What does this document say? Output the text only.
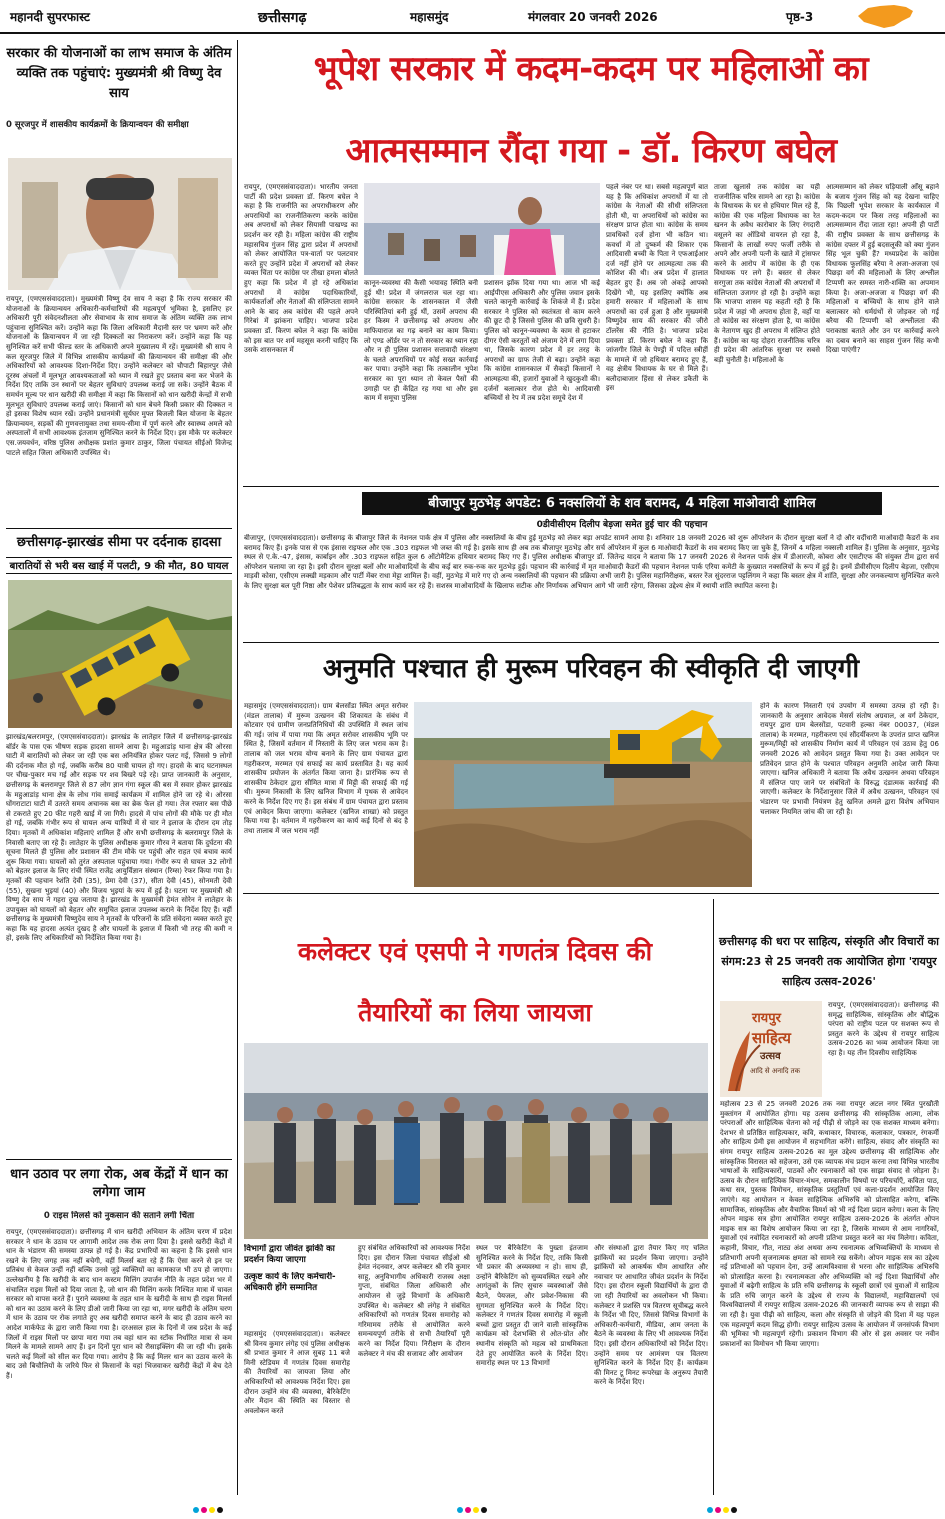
महानदी सुपरफास्ट	छत्तीसगढ़	महासमुंद	मंगलवार 20 जनवरी 2026	पृष्ठ-3
सरकार की योजनाओं का लाभ समाज के अंतिम व्यक्ति तक पहुंचाएं: मुख्यमंत्री श्री विष्णु देव साय
0 सूरजपुर में शासकीय कार्यक्रमों के क्रियान्वयन की समीक्षा
रायपुर, (एमएससंवाददाता)। मुख्यमंत्री विष्णु देव साय ने कहा है कि राज्य सरकार की योजनाओं के क्रियान्वयन अधिकारी-कर्मचारियों की महत्वपूर्ण भूमिका है, इसलिए हर अधिकारी पूरी संवेदनशीलता और सेवाभाव के साथ समाज के अंतिम व्यक्ति तक लाभ पहुंचाना सुनिश्चित करें। उन्होंने कहा कि जिला अधिकारी मैदानी स्तर पर भ्रमण करें और योजनाओं के क्रियान्वयन में जा रही दिक्कतों का निराकरण करें। उन्होंने कहा कि यह सुनिश्चित करें सभी फील्ड स्तर के अधिकारी अपने मुख्यालय में रहें। मुख्यमंत्री श्री साय ने कल सूरजपुर जिले में विभिन्न शासकीय कार्यक्रमों की क्रियान्वयन की समीक्षा की और अधिकारियों को आवश्यक दिशा-निर्देश दिए। उन्होंने कलेक्टर को चौपाटी बिहारपुर जैसे दूरस्थ अंचलों में मूलभूत आवश्यकताओं को ध्यान में रखते हुए प्रस्ताव बना कर भेजने के निर्देश दिए ताकि उन स्थानों पर बेहतर सुविधाएं उपलब्ध कराई जा सकें। उन्होंने बैठक में समर्थन मूल्य पर धान खरीदी की समीक्षा में कहा कि किसानों को धान खरीदी केन्द्रों में सभी मूलभूत सुविधाएं उपलब्ध कराई जाएं। किसानों को धान बेचने किसी प्रकार की दिक्कत न हो इसका विशेष ध्यान रखें। उन्होंने प्रधानमंत्री सूर्यघर मुफ्त बिजली बिल योजना के बेहतर क्रियान्वयन, सड़कों की गुणवत्तायुक्त तथा समय-सीमा में पूर्ण करने और स्वास्थ्य अमले को अस्पतालों में सभी आवश्यक इंतजाम सुनिश्चित करने के निर्देश दिए। इस मौके पर कलेक्टर एस.जयवर्धन, वरिष्ठ पुलिस अधीक्षक प्रशांत कुमार ठाकुर, जिला पंचायत सीईओ विजेन्द्र पाटले सहित जिला अधिकारी उपस्थित थे।
छत्तीसगढ़-झारखंड सीमा पर दर्दनाक हादसा
बारातियों से भरी बस खाई में पलटी, 9 की मौत, 80 घायल
झारखंड/बलरामपुर, (एमएससंवाददाता)। झारखंड के लातेहार जिले में छत्तीसगढ़-झारखंड बॉर्डर के पास एक भीषण सड़क हादसा सामने आया है। महुआडांड़ थाना क्षेत्र की ओरसा घाटी में बारातियों को लेकर जा रही एक बस अनियंत्रित होकर पलट गई, जिससे 9 लोगों की दर्दनाक मौत हो गई, जबकि करीब 80 यात्री घायल हो गए। हादसे के बाद घटनास्थल पर चीख-पुकार मच गई और सड़क पर शव बिखरे पड़े रहे। प्राप्त जानकारी के अनुसार, छत्तीसगढ़ के बलरामपुर जिले से 87 लोग ज्ञान गंगा स्कूल की बस में सवार होकर झारखंड के महुआडांड़ थाना क्षेत्र के लोध गांव समाई कार्यक्रम में शामिल होने जा रहे थे। ओरसा घोंगराटाटा घाटी में उतरते समय अचानक बस का ब्रेक फेल हो गया। तेज रफ्तार बस पीछे से टकराते हुए 20 फीट गहरी खाई में जा गिरी। हादसे में पांच लोगों की मौके पर ही मौत हो गई, जबकि गंभीर रूप से घायल अन्य यात्रियों में से चार ने इलाज के दौरान दम तोड़ दिया। मृतकों में अधिकांश महिलाएं शामिल हैं और सभी छत्तीसगढ़ के बलरामपुर जिले के निवासी बताए जा रहे हैं। लातेहार के पुलिस अधीक्षक कुमार गौरव ने बताया कि दुर्घटना की सूचना मिलते ही पुलिस और प्रशासन की टीम मौके पर पहुंची और राहत एवं बचाव कार्य शुरू किया गया। घायलों को तुरंत अस्पताल पहुंचाया गया। गंभीर रूप से घायल 32 लोगों को बेहतर इलाज के लिए रांची स्थित राजेंद्र आयुर्विज्ञान संस्थान (रिम्स) रेफर किया गया है। मृतकों की पहचान रेशंति देवी (35), प्रेमा देवी (37), सीता देवी (45), सोनमती देवी (55), सुखना भुइयां (40) और विजय भुइयां के रूप में हुई है। घटना पर मुख्यमंत्री श्री विष्णु देव साय ने गहरा दुख जताया है। झारखंड के मुख्यमंत्री हेमंत सोरेन ने लातेहार के उपायुक्त को घायलों को बेहतर और समुचित इलाज उपलब्ध कराने के निर्देश दिए हैं। वहीं छत्तीसगढ़ के मुख्यमंत्री विष्णुदेव साय ने मृतकों के परिजनों के प्रति संवेदना व्यक्त करते हुए कहा कि यह हादसा अत्यंत दुखद है और घायलों के इलाज में किसी भी तरह की कमी न हो, इसके लिए अधिकारियों को निर्देशित किया गया है।
धान उठाव पर लगा रोक, अब केंद्रों में धान का लगेगा जाम
0 राइस मिलर्स को नुकसान की सताने लगी चिंता
रायपुर, (एमएससंवाददाता)। छत्तीसगढ़ में धान खरीदी अभियान के अंतिम चरण में प्रदेश सरकार ने धान के उठाव पर आगामी आदेश तक रोक लगा दिया है। इससे खरीदी केंद्रों में धान के भंडारण की समस्या उत्पन्न हो गई है। केंद्र प्रभारियों का कहना है कि इससे धान रखने के लिए जगह तक नहीं बचेगी, वहीं मिलर्स बता रहे हैं कि ऐसा करने से इन पर प्रतिबंध से केवल उन्हीं नहीं बल्कि उनसे जुड़े व्यक्तियों का कामकाज भी ठप हो जाएगा। उल्लेखनीय है कि खरीदी के बाद धान कस्टम मिलिंग उपार्जन नीति के तहत प्रदेश भर में संचालित राइस मिलों को दिया जाता है, जो धान की मिलिंग करके निश्चित मात्रा में चावल सरकार को वापस करते हैं। पुराने व्यवस्था के तहत धान के खरीदी के साथ ही राइस मिलर्स को धान का उठाव करने के लिए डीओ जारी किया जा रहा था, मगर खरीदी के अंतिम चरण में धान के उठाव पर रोक लगाते हुए अब खरीदी समाप्त करने के बाद ही उठाव करने का आदेश मार्कफेड के द्वारा जारी किया गया है। दरअसल हाल के दिनों में जब प्रदेश के कई जिलों में राइस मिलों पर छापा मारा गया तब वहां धान का स्टॉक निर्धारित मात्रा से कम मिलने के मामले सामने आए हैं। इन दिनों पूरा धान को रीसाइक्लिंग की जा रही थी। इसके चलते कई मिलों को सील कर दिया गया। आरोप है कि कई मिलर धान का उठाव करने के बाद उसे बिचौलियों के जरिये फिर से किसानों के यहां भिजवाकर खरीदी केंद्रों में बेच देते हैं।
भूपेश सरकार में कदम-कदम पर महिलाओं का
आत्मसम्मान रौंदा गया - डॉ. किरण बघेल
रायपुर, (एमएससंवाददाता)। भारतीय जनता पार्टी की प्रदेश प्रवक्ता डॉ. किरण बघेल ने कहा है कि राजनीति का अपराधीकरण और अपराधियों का राजनीतिकरण करके कांग्रेस अब अपराधों को लेकर सियासी पाखण्ड का प्रदर्शन कर रही है। महिला कांग्रेस की राष्ट्रीय महासचिव गुंजन सिंह द्वारा प्रदेश में अपराधों को लेकर आयोजित पत्र-वार्ता पर पलटवार करते हुए उन्होंने प्रदेश में अपराधों को लेकर व्यक्त चिंता पर कांग्रेस पर तीखा हमला बोलते हुए कहा कि प्रदेश में हो रहे अधिकांश अपराधों में कांग्रेस पदाधिकारियों, कार्यकर्ताओं और नेताओं की संलिप्तता सामने आने के बाद अब कांग्रेस की पहले अपने गिरेबां में झांकना चाहिए। भाजपा प्रदेश प्रवक्ता डॉ. किरण बघेल ने कहा कि कांग्रेस को इस बात पर शर्म महसूस करनी चाहिए कि उसके शासनकाल में
कानून-व्यवस्था की कैसी भयावह स्थिति बनी हुई थी! प्रदेश में जंगलराज चल रहा था। कांग्रेस सरकार के शासनकाल में जैसी परिस्थितियां बनी हुई थीं, उसमें अपराध की हर किस्म ने छत्तीसगढ़ को अपराध और माफियाराज का गढ़ बनाने का काम किया। लो एण्ड ऑर्डर पर न तो सरकार का ध्यान रहा और न ही पुलिस प्रशासन सत्तावादी संरक्षण के चलते अपराधियों पर कोई सख्त कार्रवाई कर पाया। उन्होंने कहा कि तत्कालीन भूपेश सरकार का पूरा ध्यान तो केवल पैसों की उगाही पर ही केंद्रित रह गया था और इस काम में समूचा पुलिस
प्रशासन झोंक दिया गया था। आज भी कई आईपीएस अधिकारी और पुलिस जवान इसके चलते कानूनी कार्रवाई के शिकंजे में हैं। प्रदेश सरकार ने पुलिस को स्वतंत्रता से काम करने की छूट दी है जिससे पुलिस की छवि सुधरी है। पुलिस को कानून-व्यवस्था के काम से हटाकर दीगर ऐसी करतूतों को अंजाम देने में लगा दिया था, जिसके कारण प्रदेश में हर तरह के अपराधों का ग्राफ तेजी से बढ़ा। उन्होंने कहा कि कांग्रेस शासनकाल में सैकड़ों किसानों ने आत्महत्या की, हजारों युवाओं ने खुदकुशी की। दर्जनों बलात्कार रोज होते थे। आदिवासी बच्चियों से रेप में तब प्रदेश समूचे देश में
पहले नंबर पर था। सबसे महत्वपूर्ण बात यह है कि अधिकांश अपराधों में या तो कांग्रेस के नेताओं की सीधी संलिप्तता होती थी, या अपराधियों को कांग्रेस का संरक्षण प्राप्त होता था। कांग्रेस के समय प्रावधिकों दर्ज होना भी कठिन था। कवर्धा में तो दुष्कर्म की शिकार एक आदिवासी बच्ची के पिता ने एफआईआर दर्ज नहीं होने पर आत्महत्या तक की कोशिश की थी। अब प्रदेश में हालात बेहतर हुए हैं। अब जो अंकड़े आपको दिखेंगे भी, यह इसलिए क्योंकि अब हमारी सरकार में महिलाओं के साथ अपराधों का दर्ज हुआ है और मुख्यमंत्री विष्णुदेव साय की सरकार की जीरो टॉलरेंस की नीति है। भाजपा प्रदेश प्रवक्ता डॉ. किरण बघेल ने कहा कि जांजगीर जिले के पेण्ड्री में पदित्त स्त्रीहीं के मामले में जो हथियार बरामद हुए हैं, वह क्षेत्रीय विधायक के घर से मिले हैं। बलौदाबाजार हिंसा से लेकर डकैती के इस
ताजा खुलासे तक कांग्रेस का यही राजनीतिक चरित्र सामने आ रहा है। कांग्रेस के विधायक के घर से हथियार मिल रहे हैं, कांग्रेस की एक महिला विधायक का रेत खनन के अवैध कारोबार के लिए रंगदारी वसूलने का ऑडियो वायरल हो रहा है, किसानों के लाखों रुपए फर्जी तरीके से अपने और अपनी पत्नी के खाते में ट्रांसफर करने के आरोप में कांग्रेस के ही एक विधायक पर लगे हैं। बस्तर से लेकर सरगुजा तक कांग्रेस नेताओं की अपराधों में संलिप्तता उजागर हो रही है। उन्होंने कहा कि भाजपा शासन यह कहती रही है कि प्रदेश में जहां भी अपराध होता है, वहाँ या तो कांग्रेस का संरक्षण होता है, या कांग्रेस के नेतागण खुद ही अपराध में संलिप्त होते हैं। कांग्रेस का यह दोहरा राजनीतिक चरित्र ही प्रदेश की आंतरिक सुरक्षा पर सबसे बड़ी चुनौती है। महिलाओं के
आत्मसम्मान को लेकर घड़ियाली आँसू बहाने के बजाय गुंजन सिंह को यह देखना चाहिए कि पिछली भूपेश सरकार के कार्यकाल में कदम-कदम पर किस तरह महिलाओं का आत्मसम्मान रौंदा जाता रहा! अपनी ही पार्टी की राष्ट्रीय प्रवक्ता के साथ छत्तीसगढ़ के कांग्रेस दफ्तर में हुई बदसलूकी को क्या गुंजन सिंह भूल चुकी हैं? मध्यप्रदेश के कांग्रेस विधायक फूलसिंह बरैया ने अजा-अजजा एवं पिछड़ा वर्ग की महिलाओं के लिए अश्लील टिप्पणी कर समस्त नारी-शक्ति का अपमान किया है। अजा-अजजा व पिछड़ा वर्ग की महिलाओं व बच्चियों के साथ होने वाले बलात्कार को धर्मग्रंथों से जोड़कर जो गई बरैया की टिप्पणी को अश्लीलता की पराकाष्ठा बताते और उन पर कार्रवाई करने का दबाव बनाने का साहस गुंजन सिंह कभी दिखा पाएंगी?
बीजापुर मुठभेड़ अपडेट: 6 नक्सलियों के शव बरामद, 4 महिला माओवादी शामिल
0डीवीसीएम दिलीप बेड़जा समेत हुई चार की पहचान
बीजापुर, (एमएससंवाददाता)। छत्तीसगढ़ के बीजापुर जिले के नेशनल पार्क क्षेत्र में पुलिस और नक्सलियों के बीच हुई मुठभेड़ को लेकर बड़ा अपडेट सामने आया है। शनिवार 18 जनवरी 2026 को शुरू ऑपरेशन के दौरान सुरक्षा बलों ने दो और वर्दीधारी माओवादी कैडरों के शव बरामद किए हैं। इनके पास से एक इंसास राइफल और एक .303 राइफल भी जब्त की गई है। इसके साथ ही अब तक बीजापुर मुठभेड़ और सर्च ऑपरेशन में कुल 6 माओवादी कैडरों के शव बरामद किए जा चुके हैं, जिनमें 4 महिला नक्सली शामिल हैं। पुलिस के अनुसार, मुठभेड़ स्थल से ए.के.-47, इंसास, कार्बाइन और .303 राइफल सहित कुल 6 ऑटोमैटिक हथियार बरामद किए गए हैं। पुलिस अधीक्षक बीजापुर डॉ. जितेन्द्र यादव ने बताया कि 17 जनवरी 2026 से नेशनल पार्क क्षेत्र में डीआरजी, कोबरा और एसटीएफ की संयुक्त टीम द्वारा सर्च ऑपरेशन चलाया जा रहा है। इसी दौरान सुरक्षा बलों और माओवादियों के बीच कई बार रुक-रुक कर मुठभेड़ हुई। पहचान की कार्रवाई में मृत माओवादी कैडरों की पहचान नेशनल पार्क एरिया कमेटी के कुख्यात नक्सलियों के रूप में हुई है। इनमें डीवीसीएम दिलीप बेड़जा, एसीएम माड़वी कोसा, एसीएम लक्खी मड़काम और पार्टी मेंबर राधा मेट्टा शामिल हैं। वहीं, मुठभेड़ में मारे गए दो अन्य नक्सलियों की पहचान की प्रक्रिया अभी जारी है। पुलिस महानिरीक्षक, बस्तर रेंज सुंदरराज पट्टलिंगम ने कहा कि बस्तर क्षेत्र में शांति, सुरक्षा और जनकल्याण सुनिश्चित करने के लिए सुरक्षा बल पूरी निष्ठा और पेशेवर प्रतिबद्धता के साथ कार्य कर रहे हैं। सशस्त्र माओवादियों के खिलाफ सटीक और निर्णायक अभियान आगे भी जारी रहेगा, जिसका उद्देश्य क्षेत्र में स्थायी शांति स्थापित करना है।
अनुमति पश्चात ही मुरूम परिवहन की स्वीकृति दी जाएगी
महासमुंद (एमएससंवाददाता)। ग्राम बेलसोंडा स्थित अमृत सरोवर (मंडल तालाब) में मुरूम उत्खनन की शिकायत के संबंध में कोटवार एवं ग्रामीण जनप्रतिनिधियों की उपस्थिति में स्थल जांच की गई। जांच में पाया गया कि अमृत सरोवर शासकीय भूमि पर स्थित है, जिसमें वर्तमान में निस्तारी के लिए जल भराव कम है। तालाब को जल भराव योग्य बनाने के लिए ग्राम पंचायत द्वारा गहरीकरण, मरम्मत एवं सफाई का कार्य प्रस्तावित है। यह कार्य शासकीय प्रयोजन के अंतर्गत किया जाना है। प्रारंभिक रूप से शासकीय ठेकेदार द्वारा सीमित मात्रा में मिट्टी की सफाई की गई थी। मुरूम निकासी के लिए खनिज विभाग में पृथक से आवेदन करने के निर्देश दिए गए हैं। इस संबंध में ग्राम पंचायत द्वारा प्रस्ताव एवं आवेदन किया जाएगा। कलेक्टर (खनिज शाखा) को प्रस्तुत किया गया है। वर्तमान में गहरीकरण का कार्य कई दिनों से बंद है तथा तालाब में जल भराव नहीं
होने के कारण निस्तारी एवं उपयोग में समस्या उत्पन्न हो रही है। जानकारी के अनुसार आवेदक मेसर्स संतोष अग्रवाल, अ वर्ग ठेकेदार, रायपुर द्वारा ग्राम बेलसोंडा, पटवारी हल्का नंबर 00037, (मंडल तालाब) के मरम्मत, गहरीकरण एवं सौंदर्यीकरण के उपरांत प्राप्त खनिज मुरूम/मिट्टी को शासकीय निर्माण कार्य में परिवहन एवं उठाव हेतु 06 जनवरी 2026 को आवेदन प्रस्तुत किया गया है। उक्त आवेदन पर प्रतिवेदन प्राप्त होने के पश्चात परिवहन अनुमति आदेश जारी किया जाएगा। खनिज अधिकारी ने बताया कि अवैध उत्खनन अथवा परिवहन में संलिप्त पाए जाने पर संबंधितों के विरुद्ध दंडात्मक कार्रवाई की जाएगी। कलेक्टर के निर्देशानुसार जिले में अवैध उत्खनन, परिवहन एवं भंडारण पर प्रभावी नियंत्रण हेतु खनिज अमले द्वारा विशेष अभियान चलाकर नियमित जांच की जा रही है।
कलेक्टर एवं एसपी ने गणतंत्र दिवस की
तैयारियों का लिया जायजा
विभागों द्वारा जीवंत झांकी का प्रदर्शन किया जाएगा
उत्कृष्ट कार्य के लिए कर्मचारी-अधिकारी होंगे सम्मानित
महासमुंद (एमएससंवाददाता)। कलेक्टर श्री विनय कुमार लंगेह एवं पुलिस अधीक्षक श्री प्रभात कुमार ने आज सुबह 11 बजे मिनी स्टेडियम में गणतंत्र दिवस समारोह की तैयारियों का जायजा लिया और अधिकारियों को आवश्यक निर्देश दिए। इस दौरान उन्होंने मंच की व्यवस्था, बैरिकेटिंग और मैदान की स्थिति का विस्तार से अवलोकन करते
हुए संबंधित अधिकारियों को आवश्यक निर्देश दिए। इस दौरान जिला पंचायत सीईओ श्री हेमंत नंदनवार, अपर कलेक्टर श्री रवि कुमार साहू, अनुविभागीय अधिकारी राजस्व अक्षा गुप्ता, संबंधित जिला अधिकारी और आयोजन से जुड़े विभागों के अधिकारी उपस्थित थे। कलेक्टर श्री लंगेह ने संबंधित अधिकारियों को गणतंत्र दिवस समारोह को गरिमामय तरीके से आयोजित करने समन्वयपूर्ण तरीके से सभी तैयारियाँ पूरी करने का निर्देश दिया। निरीक्षण के दौरान कलेक्टर ने मंच की सजावट और आयोजन
स्थल पर बैरिकेटिंग के पुख्ता इंतजाम सुनिश्चित करने के निर्देश दिए, ताकि किसी भी प्रकार की अव्यवस्था न हो। साथ ही, उन्होंने बैरिकेटिंग को सुव्यवस्थित रखने और आगंतुकों के लिए सुचारु व्यवस्थाओं जैसे बैठने, पेयजल, और प्रवेश-निकास की सुगमता सुनिश्चित करने के निर्देश दिए। कलेक्टर ने गणतंत्र दिवस समारोह में स्कूली बच्चों द्वारा प्रस्तुत दी जाने वाली सांस्कृतिक कार्यक्रम को देशभक्ति से ओत-प्रोत और स्थानीय संस्कृति को महत्व को प्राथमिकता देते हुए आयोजित करने के निर्देश दिए। समारोह स्थल पर 13 विभागों
और संस्थाओं द्वारा तैयार किए गए चलित झांकियों का प्रदर्शन किया जाएगा। उन्होंने झांकियों को आकर्षक थीम आधारित और नवाचार पर आधारित जीवंत प्रदर्शन के निर्देश दिए। इस दौरान स्कूली विद्यार्थियों के द्वारा दी जा रही तैयारियों का अवलोकन भी किया। कलेक्टर ने प्रशस्ति पत्र वितरण सूचीबद्ध करने के निर्देश भी दिए, जिससे विभिन्न विभागों के अधिकारी-कर्मचारी, मीडिया, आम जनता के बैठने के व्यवस्था के लिए भी आवश्यक निर्देश दिए। इसी दौरान अधिकारियों को निर्देश दिए। उन्होंने समय पर आमंत्रण पत्र वितरण सुनिश्चित करने के निर्देश दिए हैं। कार्यक्रम की मिनट टू मिनट रूपरेखा के अनुरूप तैयारी करने के निर्देश दिए।
छत्तीसगढ़ की धरा पर साहित्य, संस्कृति और विचारों का संगम:23 से 25 जनवरी तक आयोजित होगा 'रायपुर साहित्य उत्सव-2026'
रायपुर
साहित्य
उत्सव
आदि से अनादि तक
रायपुर, (एमएससंवाददाता)। छत्तीसगढ़ की समृद्ध साहित्यिक, सांस्कृतिक और बौद्धिक परंपरा को राष्ट्रीय पटल पर सशक्त रूप से प्रस्तुत करने के उद्देश्य से रायपुर साहित्य उत्सव-2026 का भव्य आयोजन किया जा रहा है। यह तीन दिवसीय साहित्यिक
महोत्सव 23 से 25 जनवरी 2026 तक नवा रायपुर अटल नगर स्थित पुरखौती मुक्तांगन में आयोजित होगा। यह उत्सव छत्तीसगढ़ की सांस्कृतिक आत्मा, लोक परंपराओं और साहित्यिक चेतना को नई पीढ़ी से जोड़ने का एक सशक्त माध्यम बनेगा। देशभर से प्रतिष्ठित साहित्यकार, कवि, कथाकार, विचारक, कलाकार, पत्रकार, रंगकर्मी और साहित्य प्रेमी इस आयोजन में सहभागिता करेंगे। साहित्य, संवाद और संस्कृति का संगम रायपुर साहित्य उत्सव-2026 का मूल उद्देश्य छत्तीसगढ़ की साहित्यिक और सांस्कृतिक विरासत को सहेजना, उसे एक व्यापक मंच प्रदान करना तथा विभिन्न भारतीय भाषाओं के साहित्यकारों, पाठकों और रचनाकारों को एक साझा संवाद से जोड़ना है। उत्सव के दौरान साहित्यिक विचार-मंथन, समकालीन विषयों पर परिचर्चाएँ, कविता पाठ, कथा सत्र, पुस्तक विमोचन, सांस्कृतिक प्रस्तुतियाँ एवं कला-प्रदर्शन आयोजित किए जाएंगे। यह आयोजन न केवल साहित्यिक अभिरुचि को प्रोत्साहित करेगा, बल्कि सामाजिक, सांस्कृतिक और वैचारिक विमर्श को भी नई दिशा प्रदान करेगा। कला के लिए ओपन माइक सत्र होगा आयोजित रायपुर साहित्य उत्सव-2026 के अंतर्गत ओपन माइक सत्र का विशेष आयोजन किया जा रहा है, जिसके माध्यम से आम नागरिकों, युवाओं एवं नवोदित रचनाकारों को अपनी प्रतिभा प्रस्तुत करने का मंच मिलेगा। कविता, कहानी, विचार, गीत, नाट्य अंश अथवा अन्य रचनात्मक अभिव्यक्तियों के माध्यम से प्रतिभागी अपनी सृजनात्मक क्षमता को सामने रख सकेंगे। ओपन माइक सत्र का उद्देश्य नई प्रतिभाओं को पहचान देना, उन्हें आत्मविश्वास से भरना और साहित्यिक अभिरुचि को प्रोत्साहित करना है। रचनात्मकता और अभिव्यक्ति को नई दिशा विद्यार्थियों और युवाओं में बढ़ेगी साहित्य के प्रति रुचि छत्तीसगढ़ के स्कूली छात्रों एवं युवाओं में साहित्य के प्रति रुचि जागृत करने के उद्देश्य से राज्य के विद्यालयों, महाविद्यालयों एवं विश्वविद्यालयों में रायपुर साहित्य उत्सव-2026 की जानकारी व्यापक रूप से साझा की जा रही है। युवा पीढ़ी को साहित्य, कला और संस्कृति से जोड़ने की दिशा में यह पहल एक महत्वपूर्ण कदम सिद्ध होगी। रायपुर साहित्य उत्सव के आयोजन में जनसंपर्क विभाग की भूमिका भी महत्वपूर्ण रहेगी। प्रकाशन विभाग की ओर से इस अवसर पर नवीन प्रकाशनों का विमोचन भी किया जाएगा।
